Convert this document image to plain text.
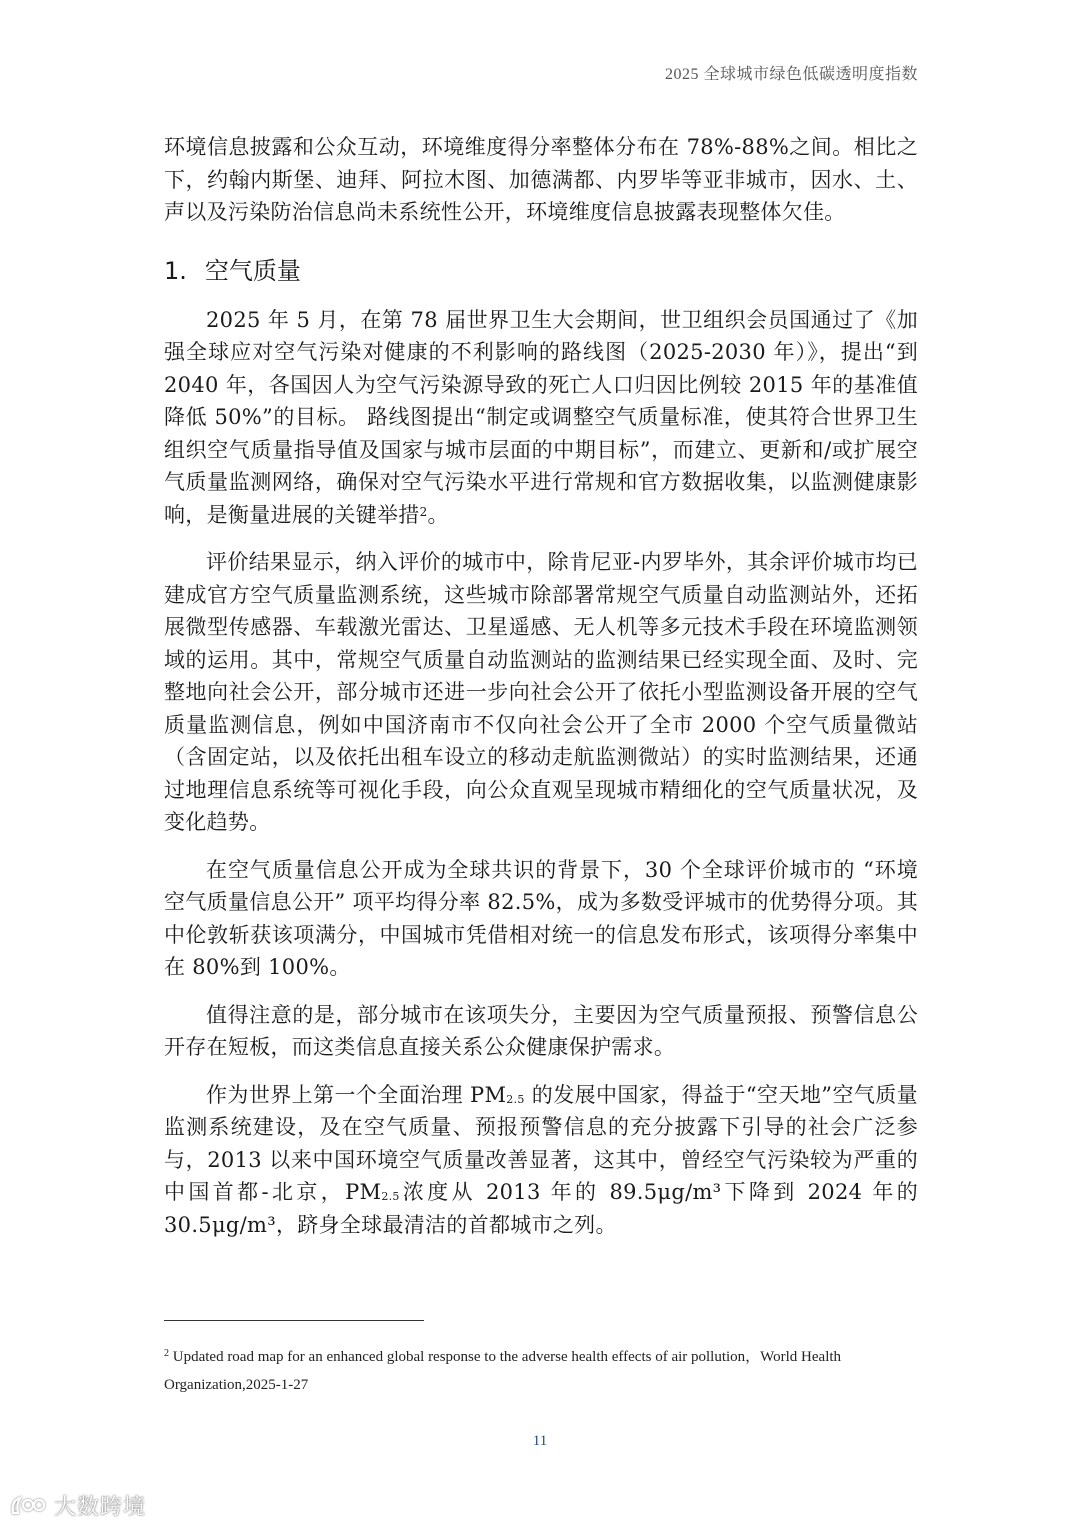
2025 全球城市绿色低碳透明度指数

环境信息披露和公众互动，环境维度得分率整体分布在 78%-88%之间。相比之下，约翰内斯堡、迪拜、阿拉木图、加德满都、内罗毕等亚非城市，因水、土、声以及污染防治信息尚未系统性公开，环境维度信息披露表现整体欠佳。

1. 空气质量

2025 年 5 月，在第 78 届世界卫生大会期间，世卫组织会员国通过了《加强全球应对空气污染对健康的不利影响的路线图（2025-2030 年）》，提出“到 2040 年，各国因人为空气污染源导致的死亡人口归因比例较 2015 年的基准值降低 50%”的目标。 路线图提出“制定或调整空气质量标准，使其符合世界卫生组织空气质量指导值及国家与城市层面的中期目标”，而建立、更新和/或扩展空气质量监测网络，确保对空气污染水平进行常规和官方数据收集，以监测健康影响，是衡量进展的关键举措$^2$。

评价结果显示，纳入评价的城市中，除肯尼亚-内罗毕外，其余评价城市均已建成官方空气质量监测系统，这些城市除部署常规空气质量自动监测站外，还拓展微型传感器、车载激光雷达、卫星遥感、无人机等多元技术手段在环境监测领域的运用。其中，常规空气质量自动监测站的监测结果已经实现全面、及时、完整地向社会公开，部分城市还进一步向社会公开了依托小型监测设备开展的空气质量监测信息，例如中国济南市不仅向社会公开了全市 2000 个空气质量微站（含固定站，以及依托出租车设立的移动走航监测微站）的实时监测结果，还通过地理信息系统等可视化手段，向公众直观呈现城市精细化的空气质量状况，及变化趋势。

在空气质量信息公开成为全球共识的背景下，30 个全球评价城市的 “环境空气质量信息公开” 项平均得分率 82.5%，成为多数受评城市的优势得分项。其中伦敦斩获该项满分，中国城市凭借相对统一的信息发布形式，该项得分率集中在 80%到 100%。

值得注意的是，部分城市在该项失分，主要因为空气质量预报、预警信息公开存在短板，而这类信息直接关系公众健康保护需求。

作为世界上第一个全面治理 $PM_{2.5}$ 的发展中国家，得益于“空天地”空气质量监测系统建设，及在空气质量、预报预警信息的充分披露下引导的社会广泛参与，2013 以来中国环境空气质量改善显著，这其中，曾经空气污染较为严重的中国首都-北京，$PM_{2.5}$浓度从 2013 年的 89.5μg/m³下降到 2024 年的 30.5μg/m³，跻身全球最清洁的首都城市之列。

$^2$ Updated road map for an enhanced global response to the adverse health effects of air pollution，World Health Organization,2025-1-27
11
大数跨境
